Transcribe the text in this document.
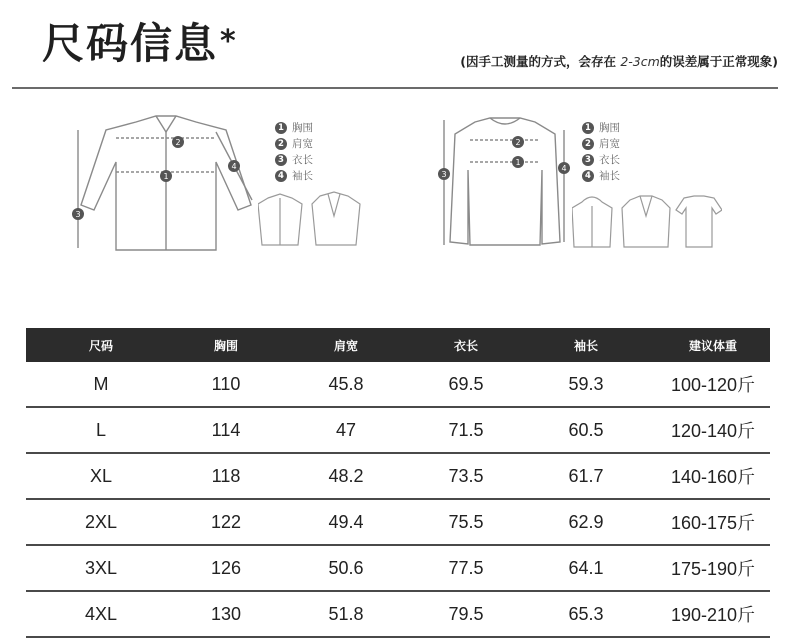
尺码信息*
(因手工测量的方式，会存在 2-3cm的误差属于正常现象)
1
2
3
4
1 胸围
2 肩宽
3 衣长
4 袖长
1
2
3
4
1 胸围
2 肩宽
3 衣长
4 袖长
尺码	胸围	肩宽	衣长	袖长	建议体重
M	110	45.8	69.5	59.3	100-120斤
L	114	47	71.5	60.5	120-140斤
XL	118	48.2	73.5	61.7	140-160斤
2XL	122	49.4	75.5	62.9	160-175斤
3XL	126	50.6	77.5	64.1	175-190斤
4XL	130	51.8	79.5	65.3	190-210斤
